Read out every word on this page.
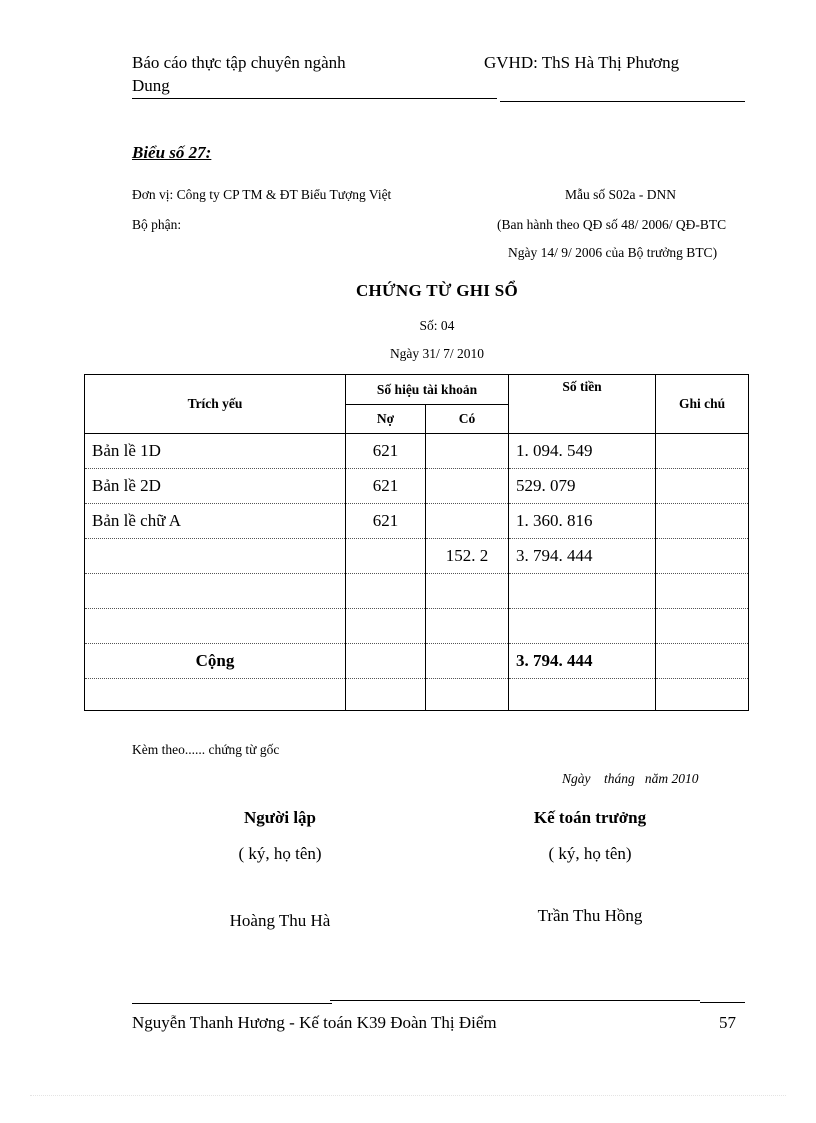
Báo cáo thực tập chuyên ngành
Dung
GVHD: ThS Hà Thị Phương
Biểu số 27:
Đơn vị: Công ty CP TM & ĐT Biểu Tượng Việt
Bộ phận:
Mẫu số S02a - DNN
(Ban hành theo QĐ số 48/ 2006/ QĐ-BTC
Ngày 14/ 9/ 2006 của Bộ trưởng BTC)
CHỨNG TỪ GHI SỔ
Số: 04
Ngày 31/ 7/ 2010
Trích yếu	Số hiệu tài khoản		Số tiền	Ghi chú
	Nợ	Có		
Bản lề 1D	621		1. 094. 549	
Bản lề 2D	621		529. 079	
Bản lề chữ A	621		1. 360. 816	
		152. 2	3. 794. 444	

Cộng			3. 794. 444	

Kèm theo...... chứng từ gốc
Ngày    tháng   năm 2010
Người lập
( ký, họ tên)
Hoàng Thu Hà
Kế toán trưởng
( ký, họ tên)
Trần Thu Hồng
Nguyễn Thanh Hương - Kế toán K39 Đoàn Thị Điểm	57
